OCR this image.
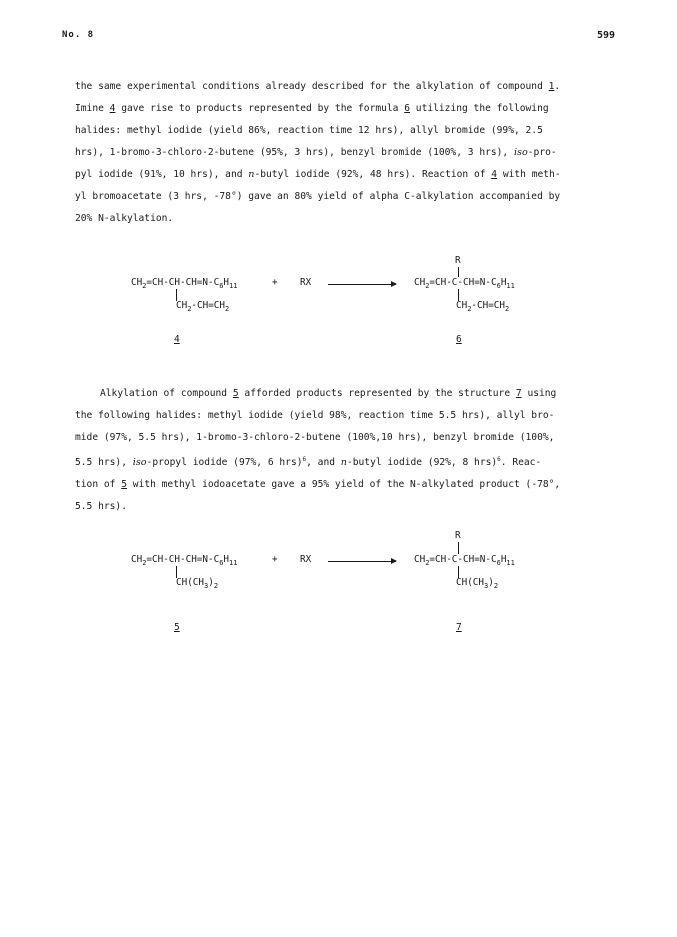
No. 8	599
the same experimental conditions already described for the alkylation of compound 1.
Imine 4 gave rise to products represented by the formula 6 utilizing the following
halides: methyl iodide (yield 86%, reaction time 12 hrs), allyl bromide (99%, 2.5
hrs), 1-bromo-3-chloro-2-butene (95%, 3 hrs), benzyl bromide (100%, 3 hrs), iso-pro-
pyl iodide (91%, 10 hrs), and n-butyl iodide (92%, 48 hrs). Reaction of 4 with meth-
yl bromoacetate (3 hrs, -78°) gave an 80% yield of alpha C-alkylation accompanied by
20% N-alkylation.
$CH_2=CH-CH-CH=N-C_6H_{11}$
$CH_2-CH=CH_2$
+ RX
R
$CH_2=CH-C-CH=N-C_6H_{11}$
$CH_2-CH=CH_2$
4	6
Alkylation of compound 5 afforded products represented by the structure 7 using
the following halides: methyl iodide (yield 98%, reaction time 5.5 hrs), allyl bro-
mide (97%, 5.5 hrs), 1-bromo-3-chloro-2-butene (100%,10 hrs), benzyl bromide (100%,
5.5 hrs), iso-propyl iodide (97%, 6 hrs)$^6$, and n-butyl iodide (92%, 8 hrs)$^6$. Reac-
tion of 5 with methyl iodoacetate gave a 95% yield of the N-alkylated product (-78°,
5.5 hrs).
$CH_2=CH-CH-CH=N-C_6H_{11}$
$CH(CH_3)_2$
+ RX
R
$CH_2=CH-C-CH=N-C_6H_{11}$
$CH(CH_3)_2$
5	7
